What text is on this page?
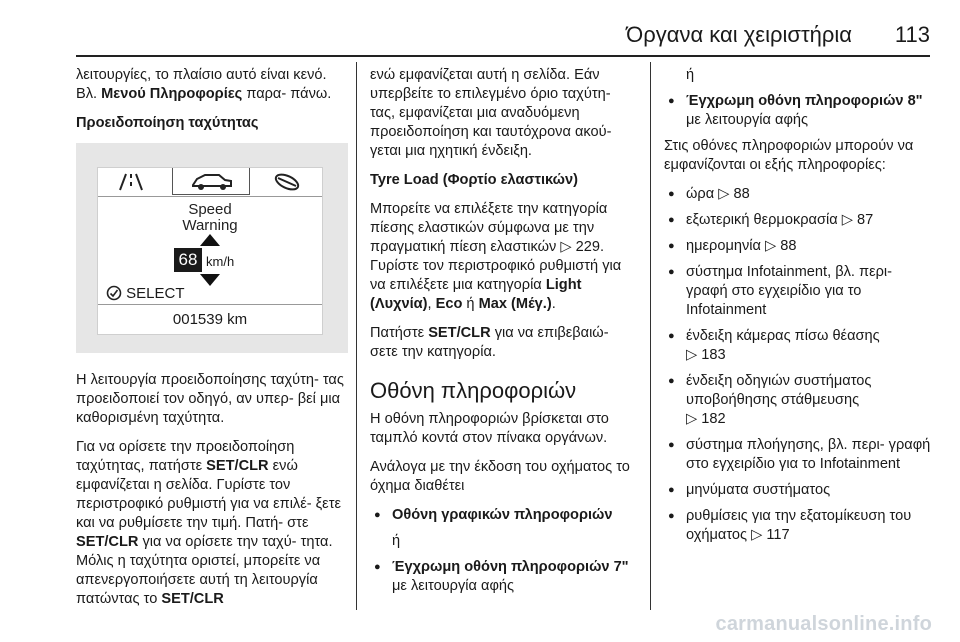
Όργανα και χειριστήρια 113

λειτουργίες, το πλαίσιο αυτό είναι κενό. Βλ. Μενού Πληροφορίες παρα- πάνω.

Προειδοποίηση ταχύτητας

Speed
Warning
68 km/h
SELECT
001539 km

Η λειτουργία προειδοποίησης ταχύτη- τας προειδοποιεί τον οδηγό, αν υπερ- βεί μια καθορισμένη ταχύτητα.

Για να ορίσετε την προειδοποίηση ταχύτητας, πατήστε SET/CLR ενώ εμφανίζεται η σελίδα. Γυρίστε τον περιστροφικό ρυθμιστή για να επιλέ- ξετε και να ρυθμίσετε την τιμή. Πατή- στε SET/CLR για να ορίσετε την ταχύ- τητα. Μόλις η ταχύτητα οριστεί, μπορείτε να απενεργοποιήσετε αυτή τη λειτουργία πατώντας το SET/CLR

ενώ εμφανίζεται αυτή η σελίδα. Εάν υπερβείτε το επιλεγμένο όριο ταχύτη- τας, εμφανίζεται μια αναδυόμενη προειδοποίηση και ταυτόχρονα ακού- γεται μια ηχητική ένδειξη.

Tyre Load (Φορτίο ελαστικών)

Μπορείτε να επιλέξετε την κατηγορία πίεσης ελαστικών σύμφωνα με την πραγματική πίεση ελαστικών ▷ 229. Γυρίστε τον περιστροφικό ρυθμιστή για να επιλέξετε μια κατηγορία Light (Λυχνία), Eco ή Max (Μέγ.).

Πατήστε SET/CLR για να επιβεβαιώ- σετε την κατηγορία.

Οθόνη πληροφοριών

Η οθόνη πληροφοριών βρίσκεται στο ταμπλό κοντά στον πίνακα οργάνων.

Ανάλογα με την έκδοση του οχήματος το όχημα διαθέτει

● Οθόνη γραφικών πληροφοριών
ή
● Έγχρωμη οθόνη πληροφοριών 7" με λειτουργία αφής
ή
● Έγχρωμη οθόνη πληροφοριών 8" με λειτουργία αφής

Στις οθόνες πληροφοριών μπορούν να εμφανίζονται οι εξής πληροφορίες:

● ώρα ▷ 88
● εξωτερική θερμοκρασία ▷ 87
● ημερομηνία ▷ 88
● σύστημα Infotainment, βλ. περι- γραφή στο εγχειρίδιο για το Infotainment
● ένδειξη κάμερας πίσω θέασης
▷ 183
● ένδειξη οδηγιών συστήματος υποβοήθησης στάθμευσης
▷ 182
● σύστημα πλοήγησης, βλ. περι- γραφή στο εγχειρίδιο για το Infotainment
● μηνύματα συστήματος
● ρυθμίσεις για την εξατομίκευση του οχήματος ▷ 117
carmanualsonline.info
